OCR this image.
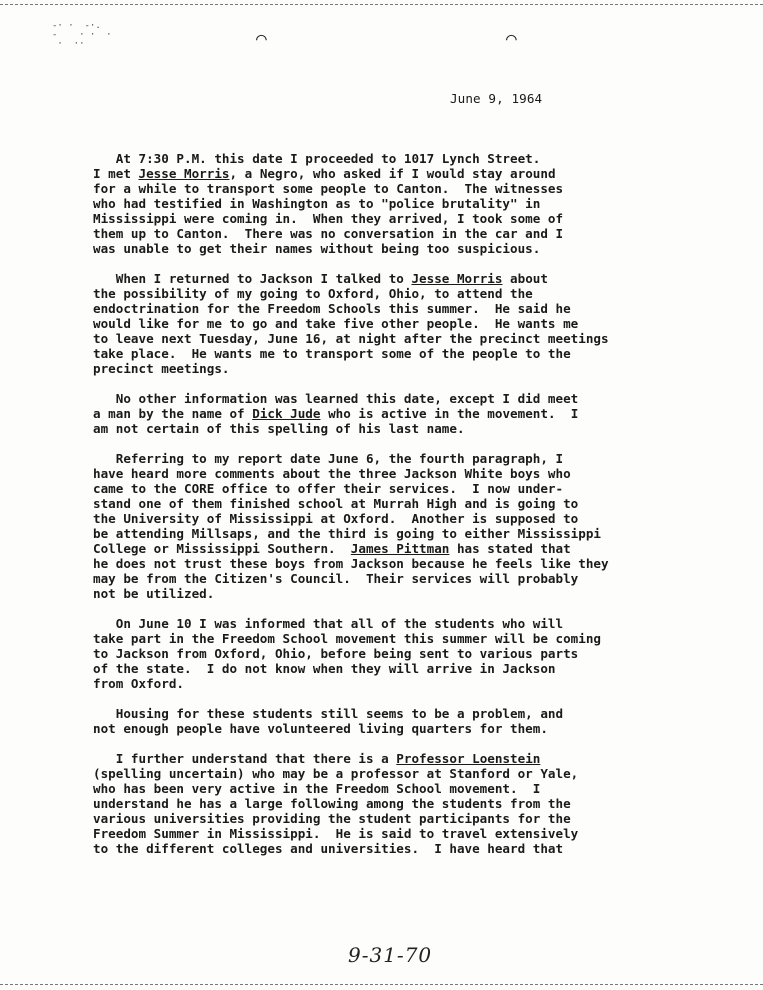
-· ·  -·.
-    · ·  ·
·  ··	⌒	⌒
June 9, 1964
At 7:30 P.M. this date I proceeded to 1017 Lynch Street.
I met Jesse Morris, a Negro, who asked if I would stay around
for a while to transport some people to Canton.  The witnesses
who had testified in Washington as to "police brutality" in
Mississippi were coming in.  When they arrived, I took some of
them up to Canton.  There was no conversation in the car and I
was unable to get their names without being too suspicious.
When I returned to Jackson I talked to Jesse Morris about
the possibility of my going to Oxford, Ohio, to attend the
endoctrination for the Freedom Schools this summer.  He said he
would like for me to go and take five other people.  He wants me
to leave next Tuesday, June 16, at night after the precinct meetings
take place.  He wants me to transport some of the people to the
precinct meetings.
No other information was learned this date, except I did meet
a man by the name of Dick Jude who is active in the movement.  I
am not certain of this spelling of his last name.
Referring to my report date June 6, the fourth paragraph, I
have heard more comments about the three Jackson White boys who
came to the CORE office to offer their services.  I now under-
stand one of them finished school at Murrah High and is going to
the University of Mississippi at Oxford.  Another is supposed to
be attending Millsaps, and the third is going to either Mississippi
College or Mississippi Southern.  James Pittman has stated that
he does not trust these boys from Jackson because he feels like they
may be from the Citizen's Council.  Their services will probably
not be utilized.
On June 10 I was informed that all of the students who will
take part in the Freedom School movement this summer will be coming
to Jackson from Oxford, Ohio, before being sent to various parts
of the state.  I do not know when they will arrive in Jackson
from Oxford.
Housing for these students still seems to be a problem, and
not enough people have volunteered living quarters for them.
I further understand that there is a Professor Loenstein
(spelling uncertain) who may be a professor at Stanford or Yale,
who has been very active in the Freedom School movement.  I
understand he has a large following among the students from the
various universities providing the student participants for the
Freedom Summer in Mississippi.  He is said to travel extensively
to the different colleges and universities.  I have heard that
9-31-70
